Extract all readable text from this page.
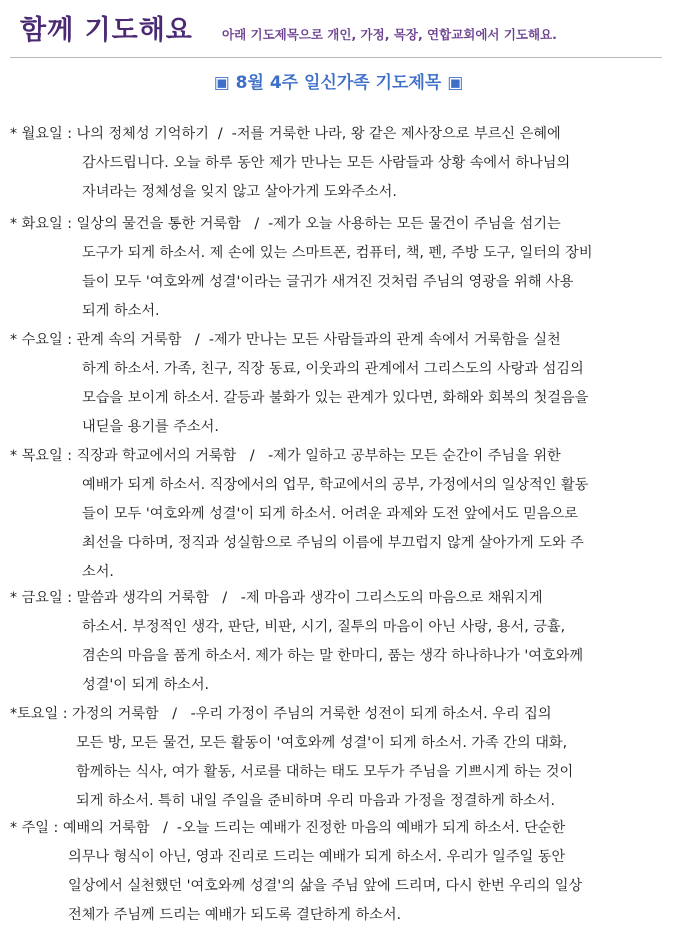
함께 기도해요 아래 기도제목으로 개인, 가정, 목장, 연합교회에서 기도해요.
▣ 8월 4주 일신가족 기도제목 ▣
* 월요일 : 나의 정체성 기억하기  /  -저를 거룩한 나라, 왕 같은 제사장으로 부르신 은혜에
감사드립니다. 오늘 하루 동안 제가 만나는 모든 사람들과 상황 속에서 하나님의
자녀라는 정체성을 잊지 않고 살아가게 도와주소서.
* 화요일 : 일상의 물건을 통한 거룩함   /  -제가 오늘 사용하는 모든 물건이 주님을 섬기는
도구가 되게 하소서. 제 손에 있는 스마트폰, 컴퓨터, 책, 펜, 주방 도구, 일터의 장비
들이 모두 '여호와께 성결'이라는 글귀가 새겨진 것처럼 주님의 영광을 위해 사용
되게 하소서.
* 수요일 : 관계 속의 거룩함   /  -제가 만나는 모든 사람들과의 관계 속에서 거룩함을 실천
하게 하소서. 가족, 친구, 직장 동료, 이웃과의 관계에서 그리스도의 사랑과 섬김의
모습을 보이게 하소서. 갈등과 불화가 있는 관계가 있다면, 화해와 회복의 첫걸음을
내딛을 용기를 주소서.
* 목요일 : 직장과 학교에서의 거룩함   /   -제가 일하고 공부하는 모든 순간이 주님을 위한
예배가 되게 하소서. 직장에서의 업무, 학교에서의 공부, 가정에서의 일상적인 활동
들이 모두 '여호와께 성결'이 되게 하소서. 어려운 과제와 도전 앞에서도 믿음으로
최선을 다하며, 정직과 성실함으로 주님의 이름에 부끄럽지 않게 살아가게 도와 주
소서.
* 금요일 : 말씀과 생각의 거룩함   /   -제 마음과 생각이 그리스도의 마음으로 채워지게
하소서. 부정적인 생각, 판단, 비판, 시기, 질투의 마음이 아닌 사랑, 용서, 긍휼,
겸손의 마음을 품게 하소서. 제가 하는 말 한마디, 품는 생각 하나하나가 '여호와께
성결'이 되게 하소서.
*토요일 : 가정의 거룩함   /   -우리 가정이 주님의 거룩한 성전이 되게 하소서. 우리 집의
모든 방, 모든 물건, 모든 활동이 '여호와께 성결'이 되게 하소서. 가족 간의 대화,
함께하는 식사, 여가 활동, 서로를 대하는 태도 모두가 주님을 기쁘시게 하는 것이
되게 하소서. 특히 내일 주일을 준비하며 우리 마음과 가정을 정결하게 하소서.
* 주일 : 예배의 거룩함   /  -오늘 드리는 예배가 진정한 마음의 예배가 되게 하소서. 단순한
의무나 형식이 아닌, 영과 진리로 드리는 예배가 되게 하소서. 우리가 일주일 동안
일상에서 실천했던 '여호와께 성결'의 삶을 주님 앞에 드리며, 다시 한번 우리의 일상
전체가 주님께 드리는 예배가 되도록 결단하게 하소서.
